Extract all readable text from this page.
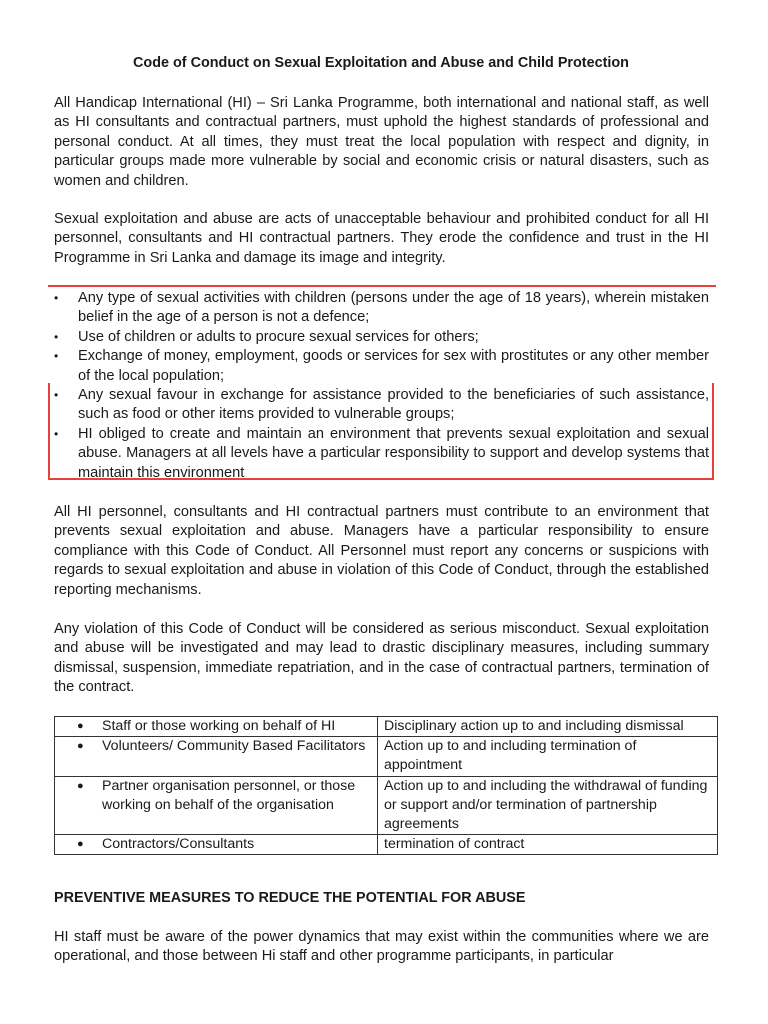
Code of Conduct on Sexual Exploitation and Abuse and Child Protection

All Handicap International (HI) – Sri Lanka Programme, both international and national staff, as well as HI consultants and contractual partners, must uphold the highest standards of professional and personal conduct. At all times, they must treat the local population with respect and dignity, in particular groups made more vulnerable by social and economic crisis or natural disasters, such as women and children.

Sexual exploitation and abuse are acts of unacceptable behaviour and prohibited conduct for all HI personnel, consultants and HI contractual partners. They erode the confidence and trust in the HI Programme in Sri Lanka and damage its image and integrity.

•	Any type of sexual activities with children (persons under the age of 18 years), wherein mistaken belief in the age of a person is not a defence;
•	Use of children or adults to procure sexual services for others;
•	Exchange of money, employment, goods or services for sex with prostitutes or any other member of the local population;
•	Any sexual favour in exchange for assistance provided to the beneficiaries of such assistance, such as food or other items provided to vulnerable groups;
•	HI obliged to create and maintain an environment that prevents sexual exploitation and sexual abuse. Managers at all levels have a particular responsibility to support and develop systems that maintain this environment

All HI personnel, consultants and HI contractual partners must contribute to an environment that prevents sexual exploitation and abuse. Managers have a particular responsibility to ensure compliance with this Code of Conduct. All Personnel must report any concerns or suspicions with regards to sexual exploitation and abuse in violation of this Code of Conduct, through the established reporting mechanisms.

Any violation of this Code of Conduct will be considered as serious misconduct. Sexual exploitation and abuse will be investigated and may lead to drastic disciplinary measures, including summary dismissal, suspension, immediate repatriation, and in the case of contractual partners, termination of the contract.

● Staff or those working on behalf of HI	Disciplinary action up to and including dismissal

● Volunteers/ Community Based Facilitators	Action up to and including termination of appointment

● Partner organisation personnel, or those working on behalf of the organisation	Action up to and including the withdrawal of funding or support and/or termination of partnership agreements

● Contractors/Consultants	termination of contract
PREVENTIVE MEASURES TO REDUCE THE POTENTIAL FOR ABUSE

HI staff must be aware of the power dynamics that may exist within the communities where we are operational, and those between Hi staff and other programme participants, in particular
